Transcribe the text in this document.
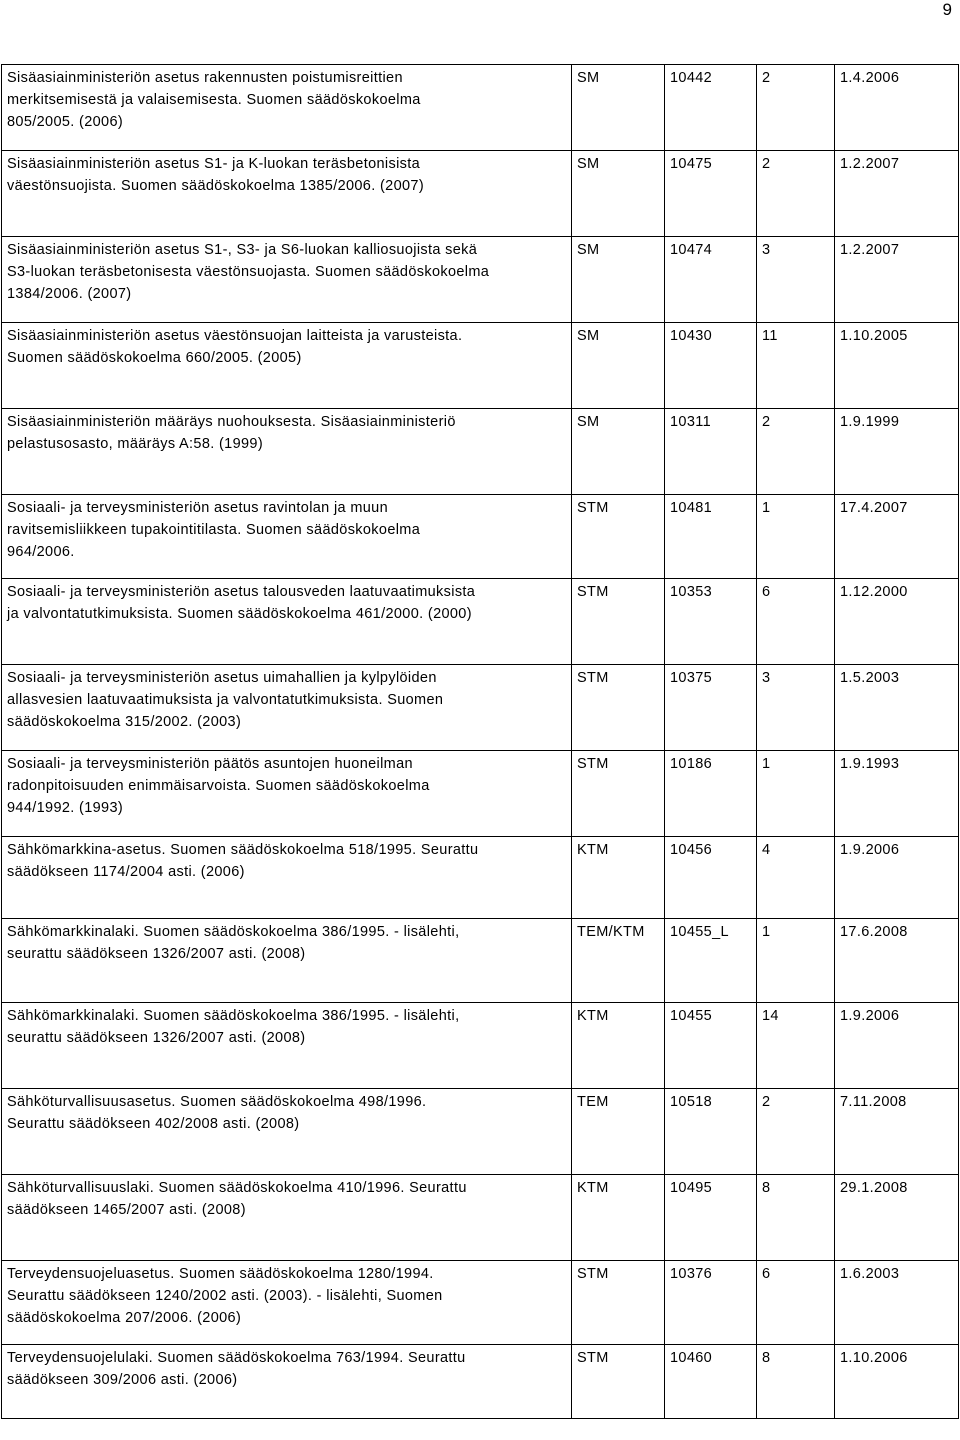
9
Sisäasiainministeriön asetus rakennusten poistumisreittien
merkitsemisestä ja valaisemisesta. Suomen säädöskokoelma
805/2005. (2006)	SM	10442	2	1.4.2006
Sisäasiainministeriön asetus S1- ja K-luokan teräsbetonisista
väestönsuojista. Suomen säädöskokoelma 1385/2006. (2007)	SM	10475	2	1.2.2007
Sisäasiainministeriön asetus S1-, S3- ja S6-luokan kalliosuojista sekä
S3-luokan teräsbetonisesta väestönsuojasta. Suomen säädöskokoelma
1384/2006. (2007)	SM	10474	3	1.2.2007
Sisäasiainministeriön asetus väestönsuojan laitteista ja varusteista.
Suomen säädöskokoelma 660/2005. (2005)	SM	10430	11	1.10.2005
Sisäasiainministeriön määräys nuohouksesta. Sisäasiainministeriö
pelastusosasto, määräys A:58. (1999)	SM	10311	2	1.9.1999
Sosiaali- ja terveysministeriön asetus ravintolan ja muun
ravitsemisliikkeen tupakointitilasta. Suomen säädöskokoelma
964/2006.	STM	10481	1	17.4.2007
Sosiaali- ja terveysministeriön asetus talousveden laatuvaatimuksista
ja valvontatutkimuksista. Suomen säädöskokoelma 461/2000. (2000)	STM	10353	6	1.12.2000
Sosiaali- ja terveysministeriön asetus uimahallien ja kylpylöiden
allasvesien laatuvaatimuksista ja valvontatutkimuksista. Suomen
säädöskokoelma 315/2002. (2003)	STM	10375	3	1.5.2003
Sosiaali- ja terveysministeriön päätös asuntojen huoneilman
radonpitoisuuden enimmäisarvoista. Suomen säädöskokoelma
944/1992. (1993)	STM	10186	1	1.9.1993
Sähkömarkkina-asetus. Suomen säädöskokoelma 518/1995. Seurattu
säädökseen 1174/2004 asti. (2006)	KTM	10456	4	1.9.2006
Sähkömarkkinalaki. Suomen säädöskokoelma 386/1995. - lisälehti,
seurattu säädökseen 1326/2007 asti. (2008)	TEM/KTM	10455_L	1	17.6.2008
Sähkömarkkinalaki. Suomen säädöskokoelma 386/1995. - lisälehti,
seurattu säädökseen 1326/2007 asti. (2008)	KTM	10455	14	1.9.2006
Sähköturvallisuusasetus. Suomen säädöskokoelma 498/1996.
Seurattu säädökseen 402/2008 asti. (2008)	TEM	10518	2	7.11.2008
Sähköturvallisuuslaki. Suomen säädöskokoelma 410/1996. Seurattu
säädökseen 1465/2007 asti. (2008)	KTM	10495	8	29.1.2008
Terveydensuojeluasetus. Suomen säädöskokoelma 1280/1994.
Seurattu säädökseen 1240/2002 asti. (2003). - lisälehti, Suomen
säädöskokoelma 207/2006. (2006)	STM	10376	6	1.6.2003
Terveydensuojelulaki. Suomen säädöskokoelma 763/1994. Seurattu
säädökseen 309/2006 asti. (2006)	STM	10460	8	1.10.2006
